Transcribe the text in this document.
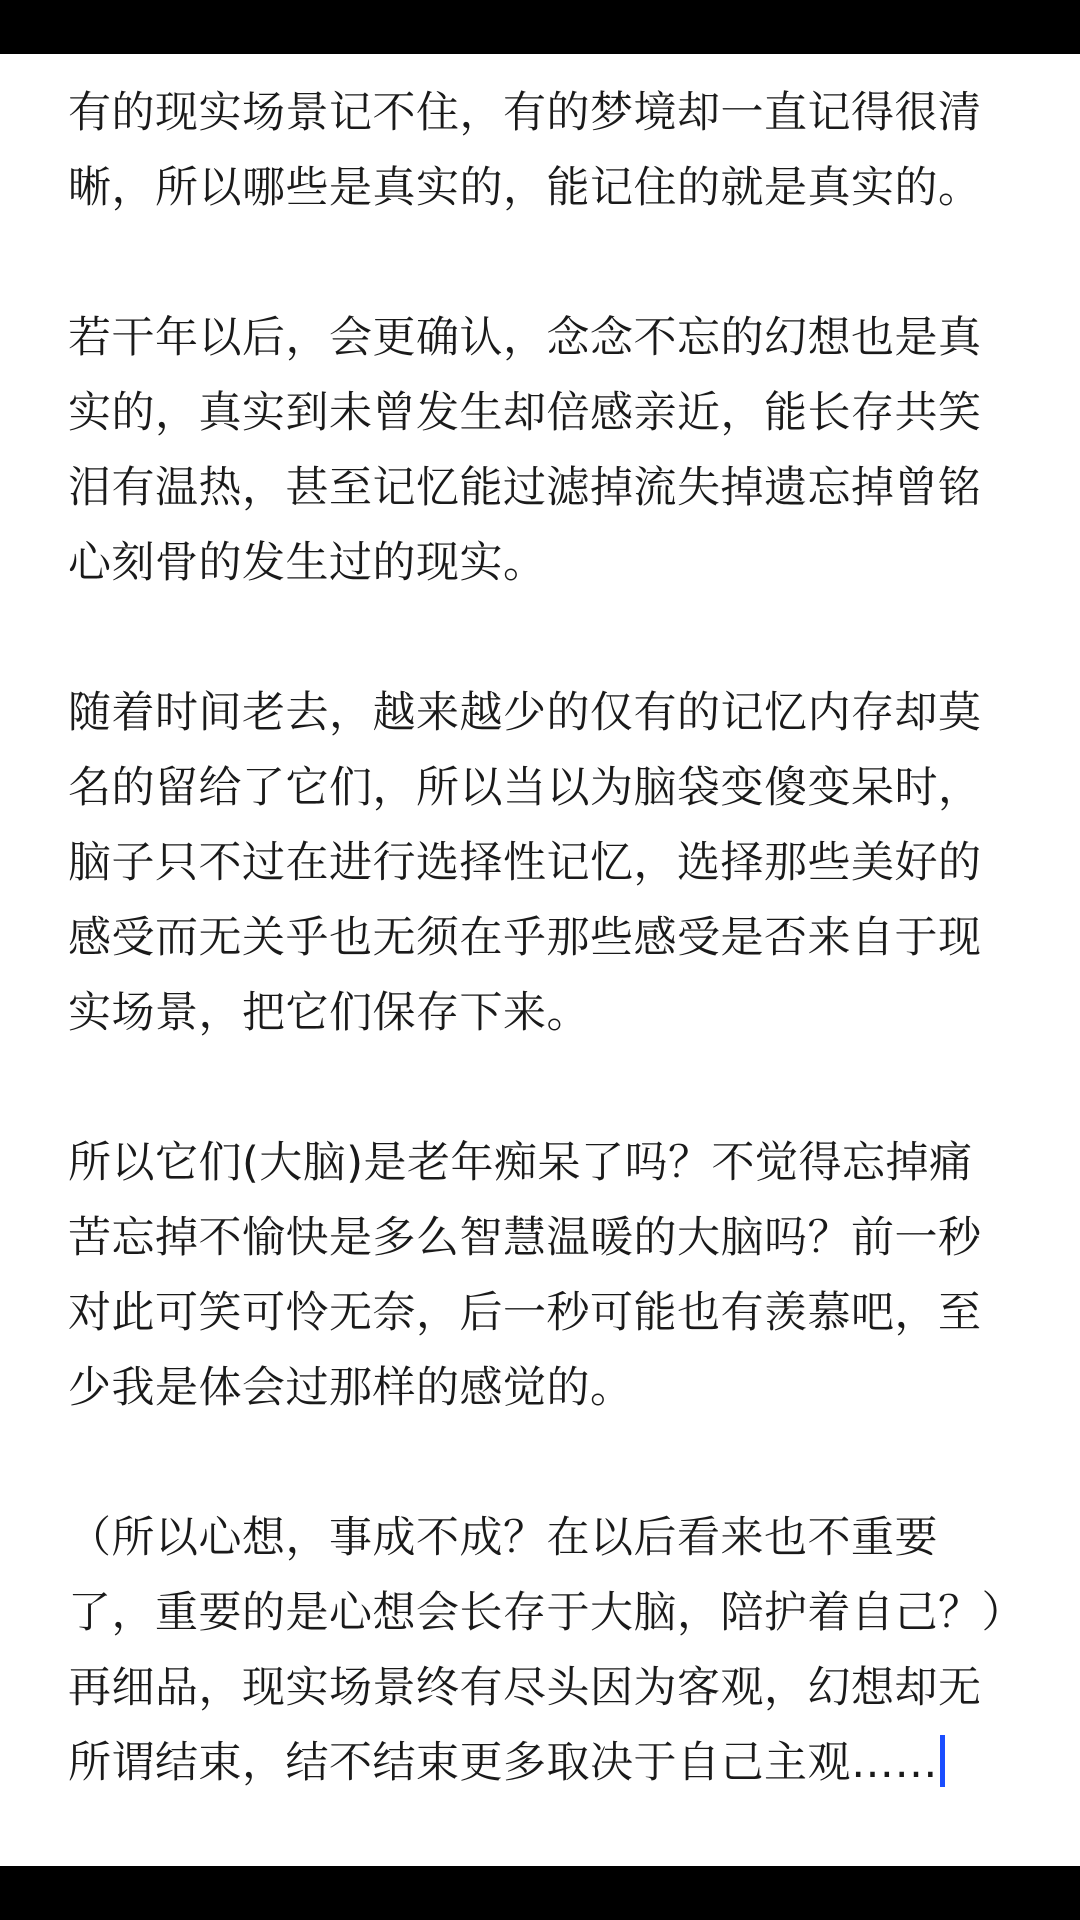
有的现实场景记不住，有的梦境却一直记得很清晰，所以哪些是真实的，能记住的就是真实的。

若干年以后，会更确认，念念不忘的幻想也是真实的，真实到未曾发生却倍感亲近，能长存共笑泪有温热，甚至记忆能过滤掉流失掉遗忘掉曾铭心刻骨的发生过的现实。

随着时间老去，越来越少的仅有的记忆内存却莫名的留给了它们，所以当以为脑袋变傻变呆时，脑子只不过在进行选择性记忆，选择那些美好的感受而无关乎也无须在乎那些感受是否来自于现实场景，把它们保存下来。

所以它们(大脑)是老年痴呆了吗？不觉得忘掉痛苦忘掉不愉快是多么智慧温暖的大脑吗？前一秒对此可笑可怜无奈，后一秒可能也有羡慕吧，至少我是体会过那样的感觉的。

（所以心想，事成不成？在以后看来也不重要了，重要的是心想会长存于大脑，陪护着自己？）再细品，现实场景终有尽头因为客观，幻想却无所谓结束，结不结束更多取决于自己主观……
